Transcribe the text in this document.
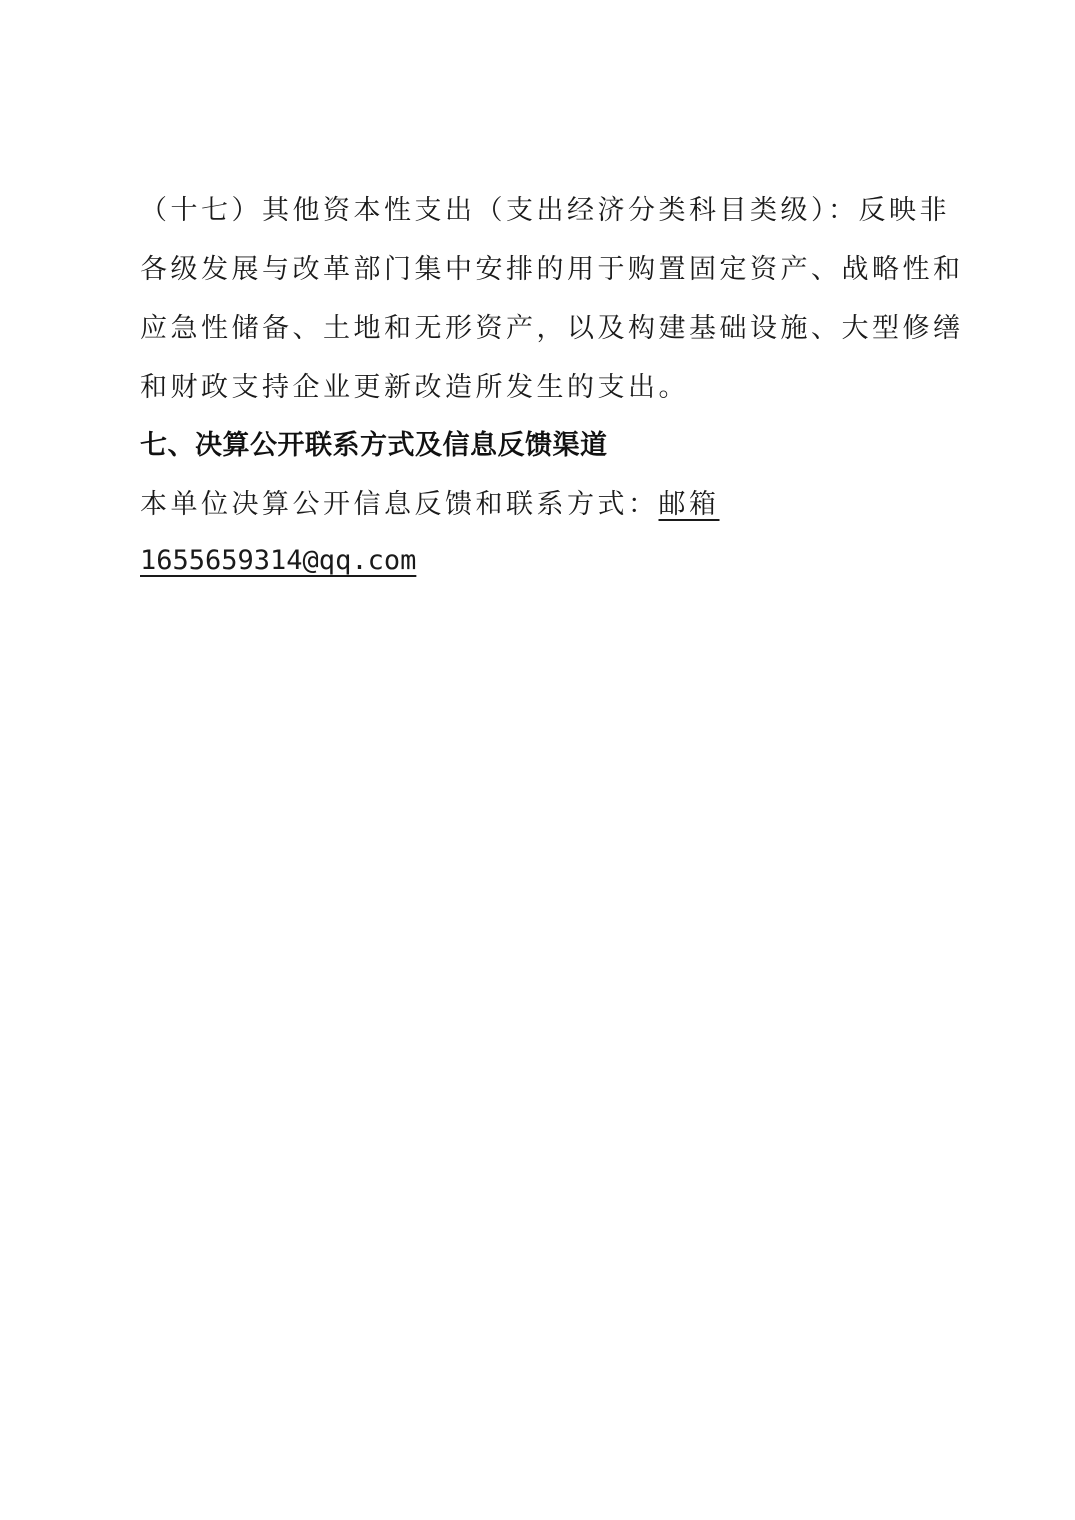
（十七）其他资本性支出（支出经济分类科目类级）：反映非
各级发展与改革部门集中安排的用于购置固定资产、战略性和
应急性储备、土地和无形资产，以及构建基础设施、大型修缮
和财政支持企业更新改造所发生的支出。

七、决算公开联系方式及信息反馈渠道

本单位决算公开信息反馈和联系方式：邮箱
1655659314@qq.com
